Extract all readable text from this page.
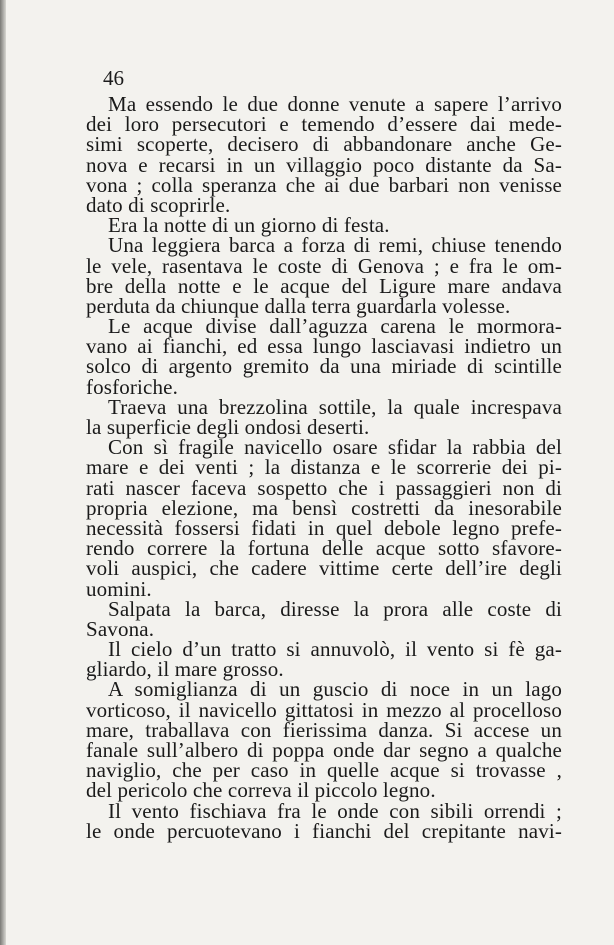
46
Ma essendo le due donne venute a sapere l’arrivo
dei loro persecutori e temendo d’essere dai mede-
simi scoperte, decisero di abbandonare anche Ge-
nova e recarsi in un villaggio poco distante da Sa-
vona ; colla speranza che ai due barbari non venisse
dato di scoprirle.
Era la notte di un giorno di festa.
Una leggiera barca a forza di remi, chiuse tenendo
le vele, rasentava le coste di Genova ; e fra le om-
bre della notte e le acque del Ligure mare andava
perduta da chiunque dalla terra guardarla volesse.
Le acque divise dall’aguzza carena le mormora-
vano ai fianchi, ed essa lungo lasciavasi indietro un
solco di argento gremito da una miriade di scintille
fosforiche.
Traeva una brezzolina sottile, la quale increspava
la superficie degli ondosi deserti.
Con sì fragile navicello osare sfidar la rabbia del
mare e dei venti ; la distanza e le scorrerie dei pi-
rati nascer faceva sospetto che i passaggieri non di
propria elezione, ma bensì costretti da inesorabile
necessità fossersi fidati in quel debole legno prefe-
rendo correre la fortuna delle acque sotto sfavore-
voli auspici, che cadere vittime certe dell’ire degli
uomini.
Salpata la barca, diresse la prora alle coste di
Savona.
Il cielo d’un tratto si annuvolò, il vento si fè ga-
gliardo, il mare grosso.
A somiglianza di un guscio di noce in un lago
vorticoso, il navicello gittatosi in mezzo al procelloso
mare, traballava con fierissima danza. Si accese un
fanale sull’albero di poppa onde dar segno a qualche
naviglio, che per caso in quelle acque si trovasse ,
del pericolo che correva il piccolo legno.
Il vento fischiava fra le onde con sibili orrendi ;
le onde percuotevano i fianchi del crepitante navi-
